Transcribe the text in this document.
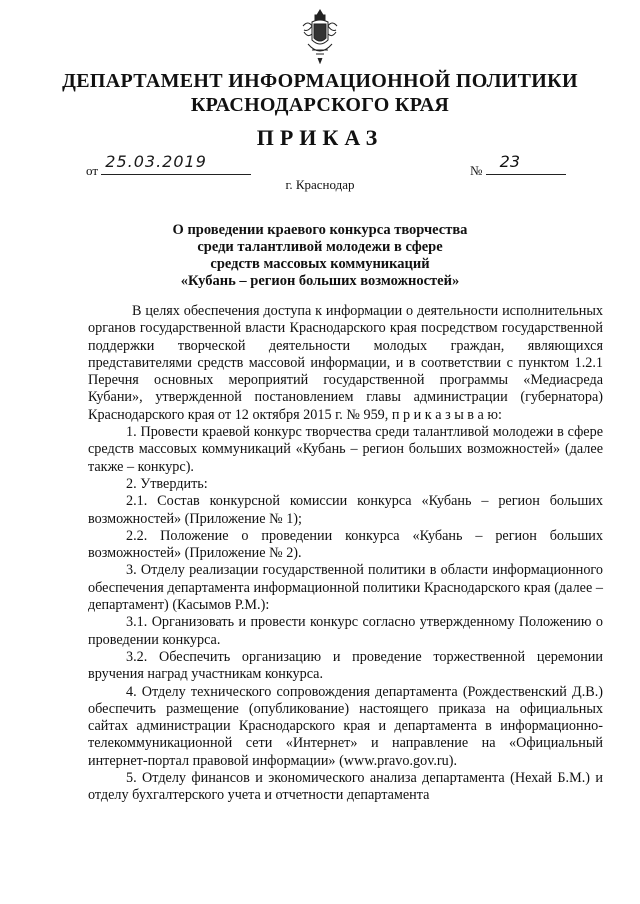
ДЕПАРТАМЕНТ ИНФОРМАЦИОННОЙ ПОЛИТИКИ
КРАСНОДАРСКОГО КРАЯ
ПРИКАЗ
от 25.03.2019	№ 23
г. Краснодар
О проведении краевого конкурса творчества
среди талантливой молодежи в сфере
средств массовых коммуникаций
«Кубань – регион больших возможностей»

В целях обеспечения доступа к информации о деятельности исполнительных органов государственной власти Краснодарского края посредством государственной поддержки творческой деятельности молодых граждан, являющихся представителями средств массовой информации, и в соответствии с пунктом 1.2.1 Перечня основных мероприятий государственной программы «Медиасреда Кубани», утвержденной постановлением главы администрации (губернатора) Краснодарского края от 12 октября 2015 г. № 959, п р и к а з ы в а ю:

1. Провести краевой конкурс творчества среди талантливой молодежи в сфере средств массовых коммуникаций «Кубань – регион больших возможностей» (далее также – конкурс).

2. Утвердить:

2.1. Состав конкурсной комиссии конкурса «Кубань – регион больших возможностей» (Приложение № 1);

2.2. Положение о проведении конкурса «Кубань – регион больших возможностей» (Приложение № 2).

3. Отделу реализации государственной политики в области информационного обеспечения департамента информационной политики Краснодарского края (далее – департамент) (Касымов Р.М.):

3.1. Организовать и провести конкурс согласно утвержденному Положению о проведении конкурса.

3.2. Обеспечить организацию и проведение торжественной церемонии вручения наград участникам конкурса.

4. Отделу технического сопровождения департамента (Рождественский Д.В.) обеспечить размещение (опубликование) настоящего приказа на официальных сайтах администрации Краснодарского края и департамента в информационно-телекоммуникационной сети «Интернет» и направление на «Официальный интернет-портал правовой информации» (www.pravo.gov.ru).

5. Отделу финансов и экономического анализа департамента (Нехай Б.М.) и отделу бухгалтерского учета и отчетности департамента
